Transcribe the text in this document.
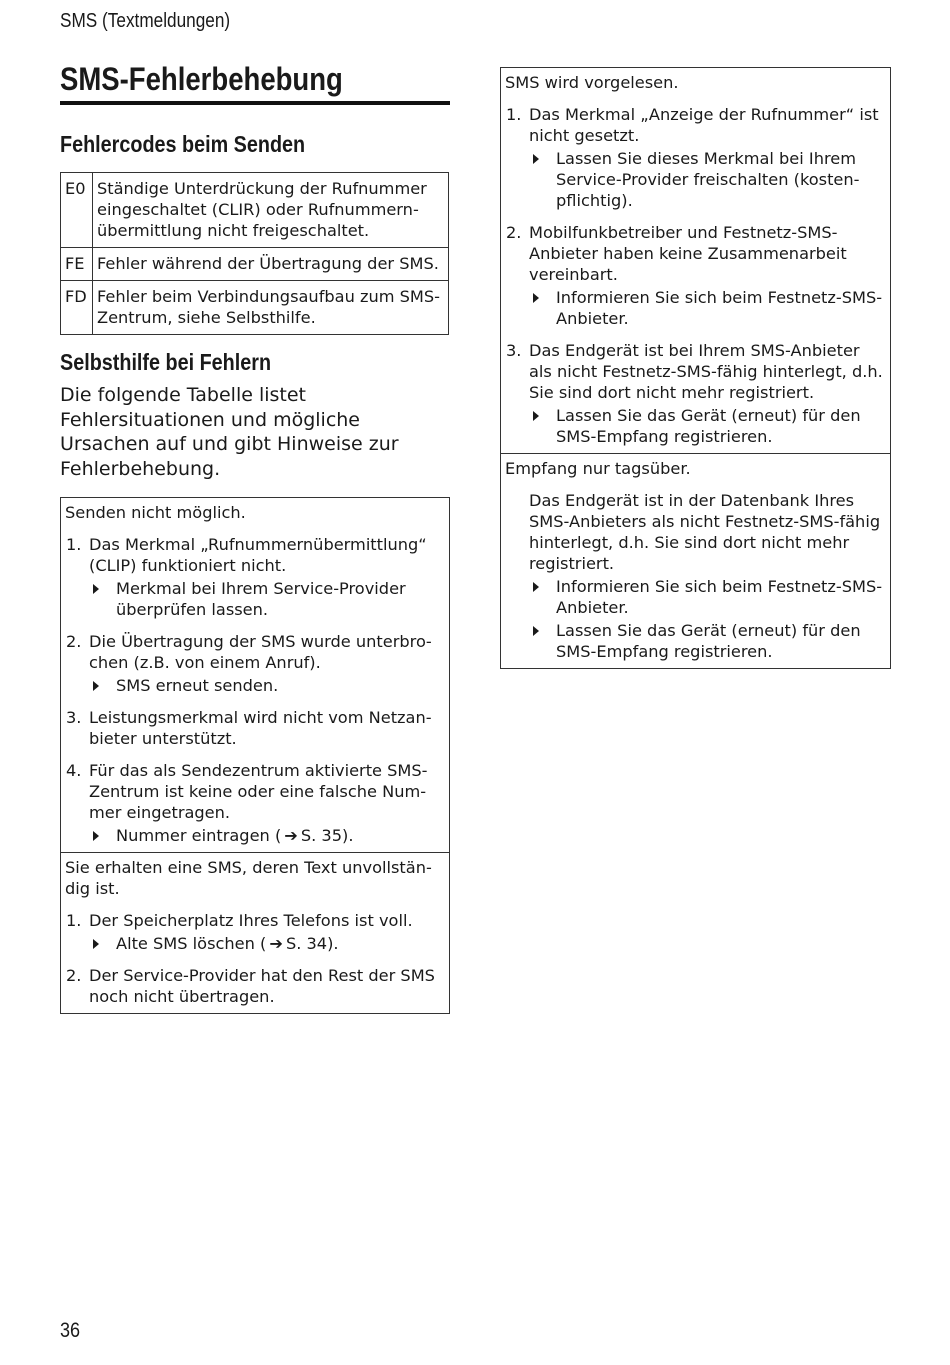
SMS (Textmeldungen)
SMS-Fehlerbehebung
Fehlercodes beim Senden
E0	Ständige Unterdrückung der Rufnummer eingeschaltet (CLIR) oder Rufnummernübermittlung nicht freigeschaltet.
FE	Fehler während der Übertragung der SMS.
FD	Fehler beim Verbindungsaufbau zum SMS-Zentrum, siehe Selbsthilfe.
Selbsthilfe bei Fehlern

Die folgende Tabelle listet Fehlersituationen und mögliche Ursachen auf und gibt Hinweise zur Fehlerbehebung.

Senden nicht möglich.
1. Das Merkmal „Rufnummernübermittlung“ (CLIP) funktioniert nicht.
Merkmal bei Ihrem Service-Provider überprüfen lassen.
2. Die Übertragung der SMS wurde unterbrochen (z.B. von einem Anruf).
SMS erneut senden.
3. Leistungsmerkmal wird nicht vom Netzanbieter unterstützt.
4. Für das als Sendezentrum aktivierte SMS-Zentrum ist keine oder eine falsche Nummer eingetragen.
Nummer eintragen ( ➔ S. 35).
Sie erhalten eine SMS, deren Text unvollständig ist.
1. Der Speicherplatz Ihres Telefons ist voll.
Alte SMS löschen ( ➔ S. 34).
2. Der Service-Provider hat den Rest der SMS noch nicht übertragen.
SMS wird vorgelesen.
1. Das Merkmal „Anzeige der Rufnummer“ ist nicht gesetzt.
Lassen Sie dieses Merkmal bei Ihrem Service-Provider freischalten (kostenpflichtig).
2. Mobilfunkbetreiber und Festnetz-SMS-Anbieter haben keine Zusammenarbeit vereinbart.
Informieren Sie sich beim Festnetz-SMS-Anbieter.
3. Das Endgerät ist bei Ihrem SMS-Anbieter als nicht Festnetz-SMS-fähig hinterlegt, d.h. Sie sind dort nicht mehr registriert.
Lassen Sie das Gerät (erneut) für den SMS-Empfang registrieren.
Empfang nur tagsüber.
Das Endgerät ist in der Datenbank Ihres SMS-Anbieters als nicht Festnetz-SMS-fähig hinterlegt, d.h. Sie sind dort nicht mehr registriert.
Informieren Sie sich beim Festnetz-SMS-Anbieter.
Lassen Sie das Gerät (erneut) für den SMS-Empfang registrieren.
36
